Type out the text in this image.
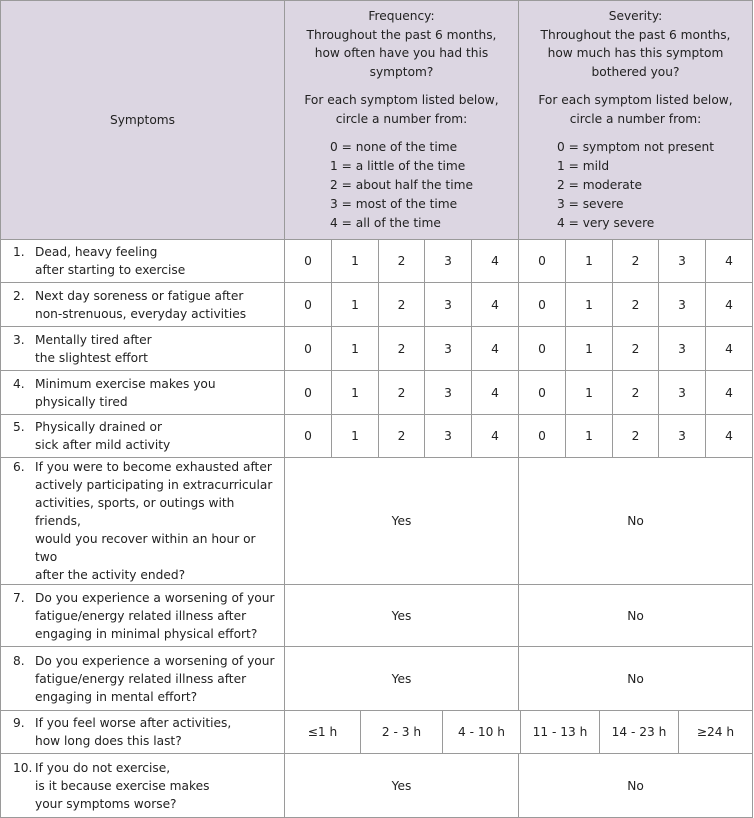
Symptoms	

Frequency:

Throughout the past 6 months,

how often have you had this

symptom?

For each symptom listed below,

circle a number from:

0 = none of the time
1 = a little of the time
2 = about half the time
3 = most of the time
4 = all of the time

Severity:

Throughout the past 6 months,

how much has this symptom

bothered you?

For each symptom listed below,

circle a number from:

0 = symptom not present
1 = mild
2 = moderate
3 = severe
4 = very severe

1. Dead, heavy feeling
after starting to exercise
	0	1	2	3	4	0	1	2	3	4

2. Next day soreness or fatigue after
non-strenuous, everyday activities
	0	1	2	3	4	0	1	2	3	4

3. Mentally tired after
the slightest effort
	0	1	2	3	4	0	1	2	3	4

4. Minimum exercise makes you
physically tired
	0	1	2	3	4	0	1	2	3	4

5. Physically drained or
sick after mild activity
	0	1	2	3	4	0	1	2	3	4

6. If you were to become exhausted after
actively participating in extracurricular
activities, sports, or outings with friends,
would you recover within an hour or two
after the activity ended?
	Yes	No

7. Do you experience a worsening of your
fatigue/energy related illness after
engaging in minimal physical effort?
	Yes	No

8. Do you experience a worsening of your
fatigue/energy related illness after
engaging in mental effort?
	Yes	No

9. If you feel worse after activities,
how long does this last?

≤1 h	2 - 3 h	4 - 10 h	11 - 13 h	14 - 23 h	≥24 h

10. If you do not exercise,
is it because exercise makes
your symptoms worse?
	Yes	No
